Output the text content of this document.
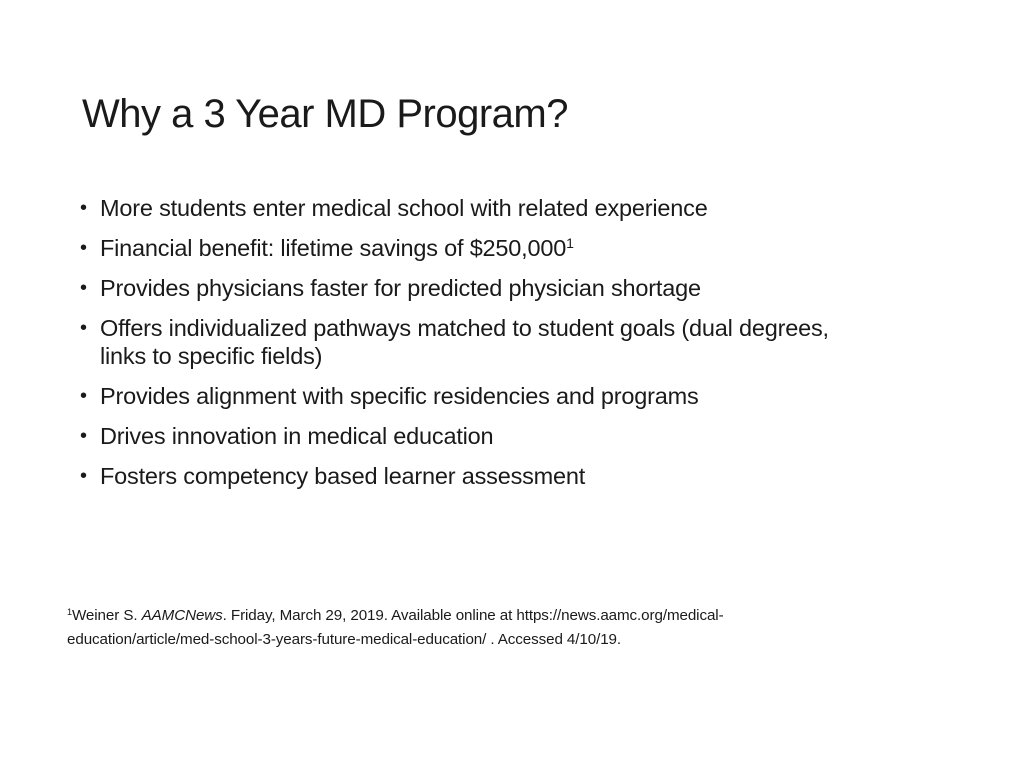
Why a 3 Year MD Program?
• More students enter medical school with related experience
• Financial benefit: lifetime savings of $250,000$^1$
• Provides physicians faster for predicted physician shortage
• Offers individualized pathways matched to student goals (dual degrees, links to specific fields)
• Provides alignment with specific residencies and programs
• Drives innovation in medical education
• Fosters competency based learner assessment

$^1$Weiner S. AAMCNews. Friday, March 29, 2019. Available online at https://news.aamc.org/medical-education/article/med-school-3-years-future-medical-education/ . Accessed 4/10/19.
